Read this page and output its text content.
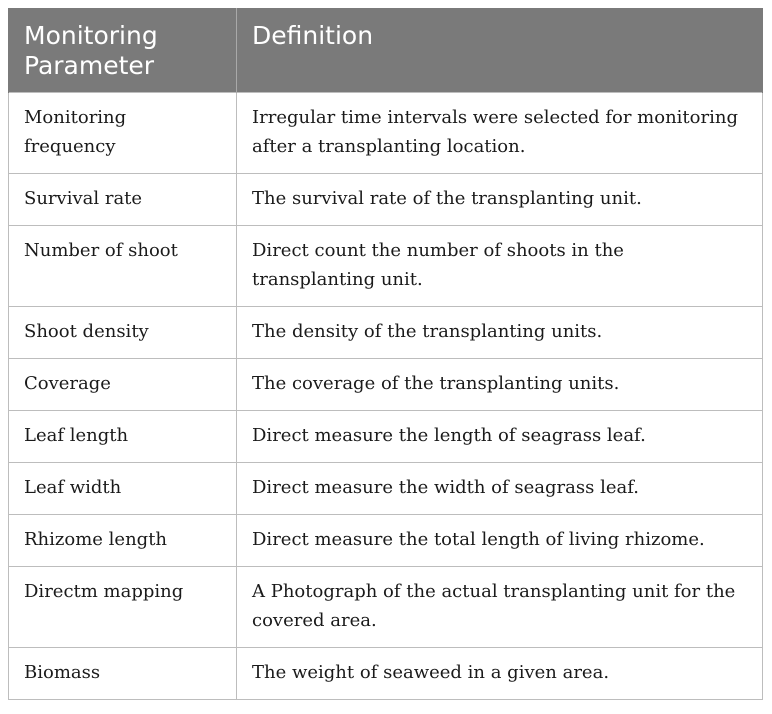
Monitoring Parameter	Definition
Monitoring frequency	Irregular time intervals were selected for monitoring after a transplanting location.
Survival rate	The survival rate of the transplanting unit.
Number of shoot	Direct count the number of shoots in the transplanting unit.
Shoot density	The density of the transplanting units.
Coverage	The coverage of the transplanting units.
Leaf length	Direct measure the length of seagrass leaf.
Leaf width	Direct measure the width of seagrass leaf.
Rhizome length	Direct measure the total length of living rhizome.
Directm mapping	A Photograph of the actual transplanting unit for the covered area.
Biomass	The weight of seaweed in a given area.
